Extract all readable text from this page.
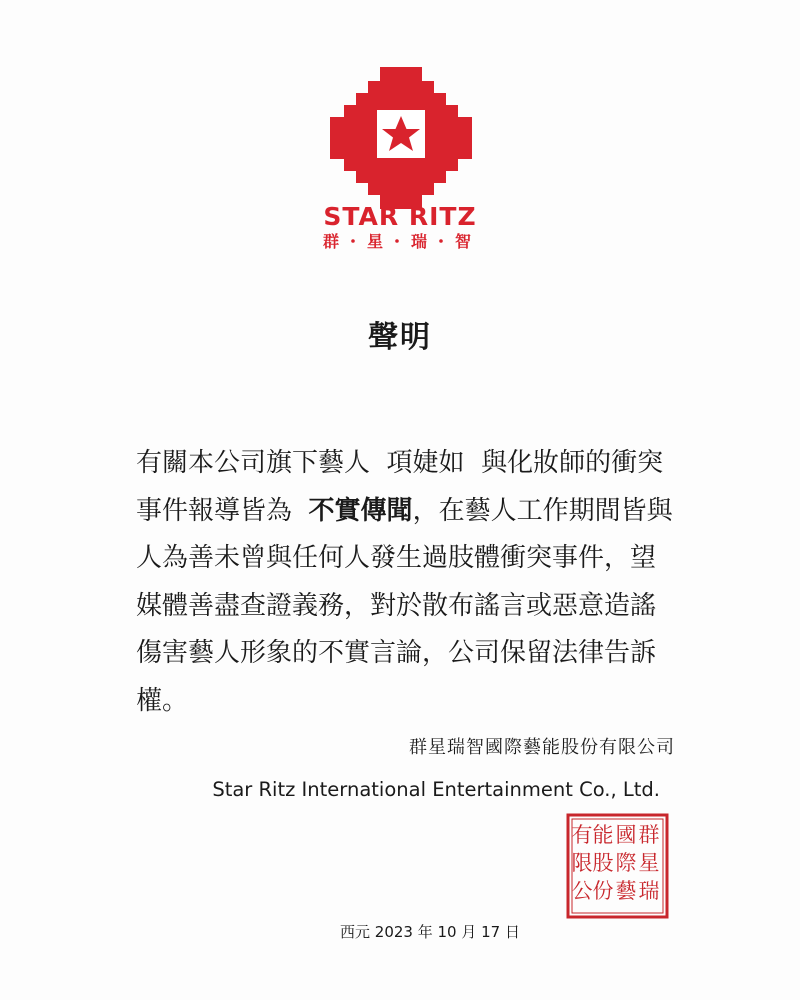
STAR RITZ
群・星・瑞・智
聲明
有關本公司旗下藝人 項婕如 與化妝師的衝突
事件報導皆為 不實傳聞，在藝人工作期間皆與
人為善未曾與任何人發生過肢體衝突事件，望
媒體善盡查證義務，對於散布謠言或惡意造謠
傷害藝人形象的不實言論，公司保留法律告訴
權。
群星瑞智國際藝能股份有限公司
Star Ritz International Entertainment Co., Ltd.
群
星
瑞
國
際
藝
能
股
份
有
限
公
西元 2023 年 10 月 17 日
